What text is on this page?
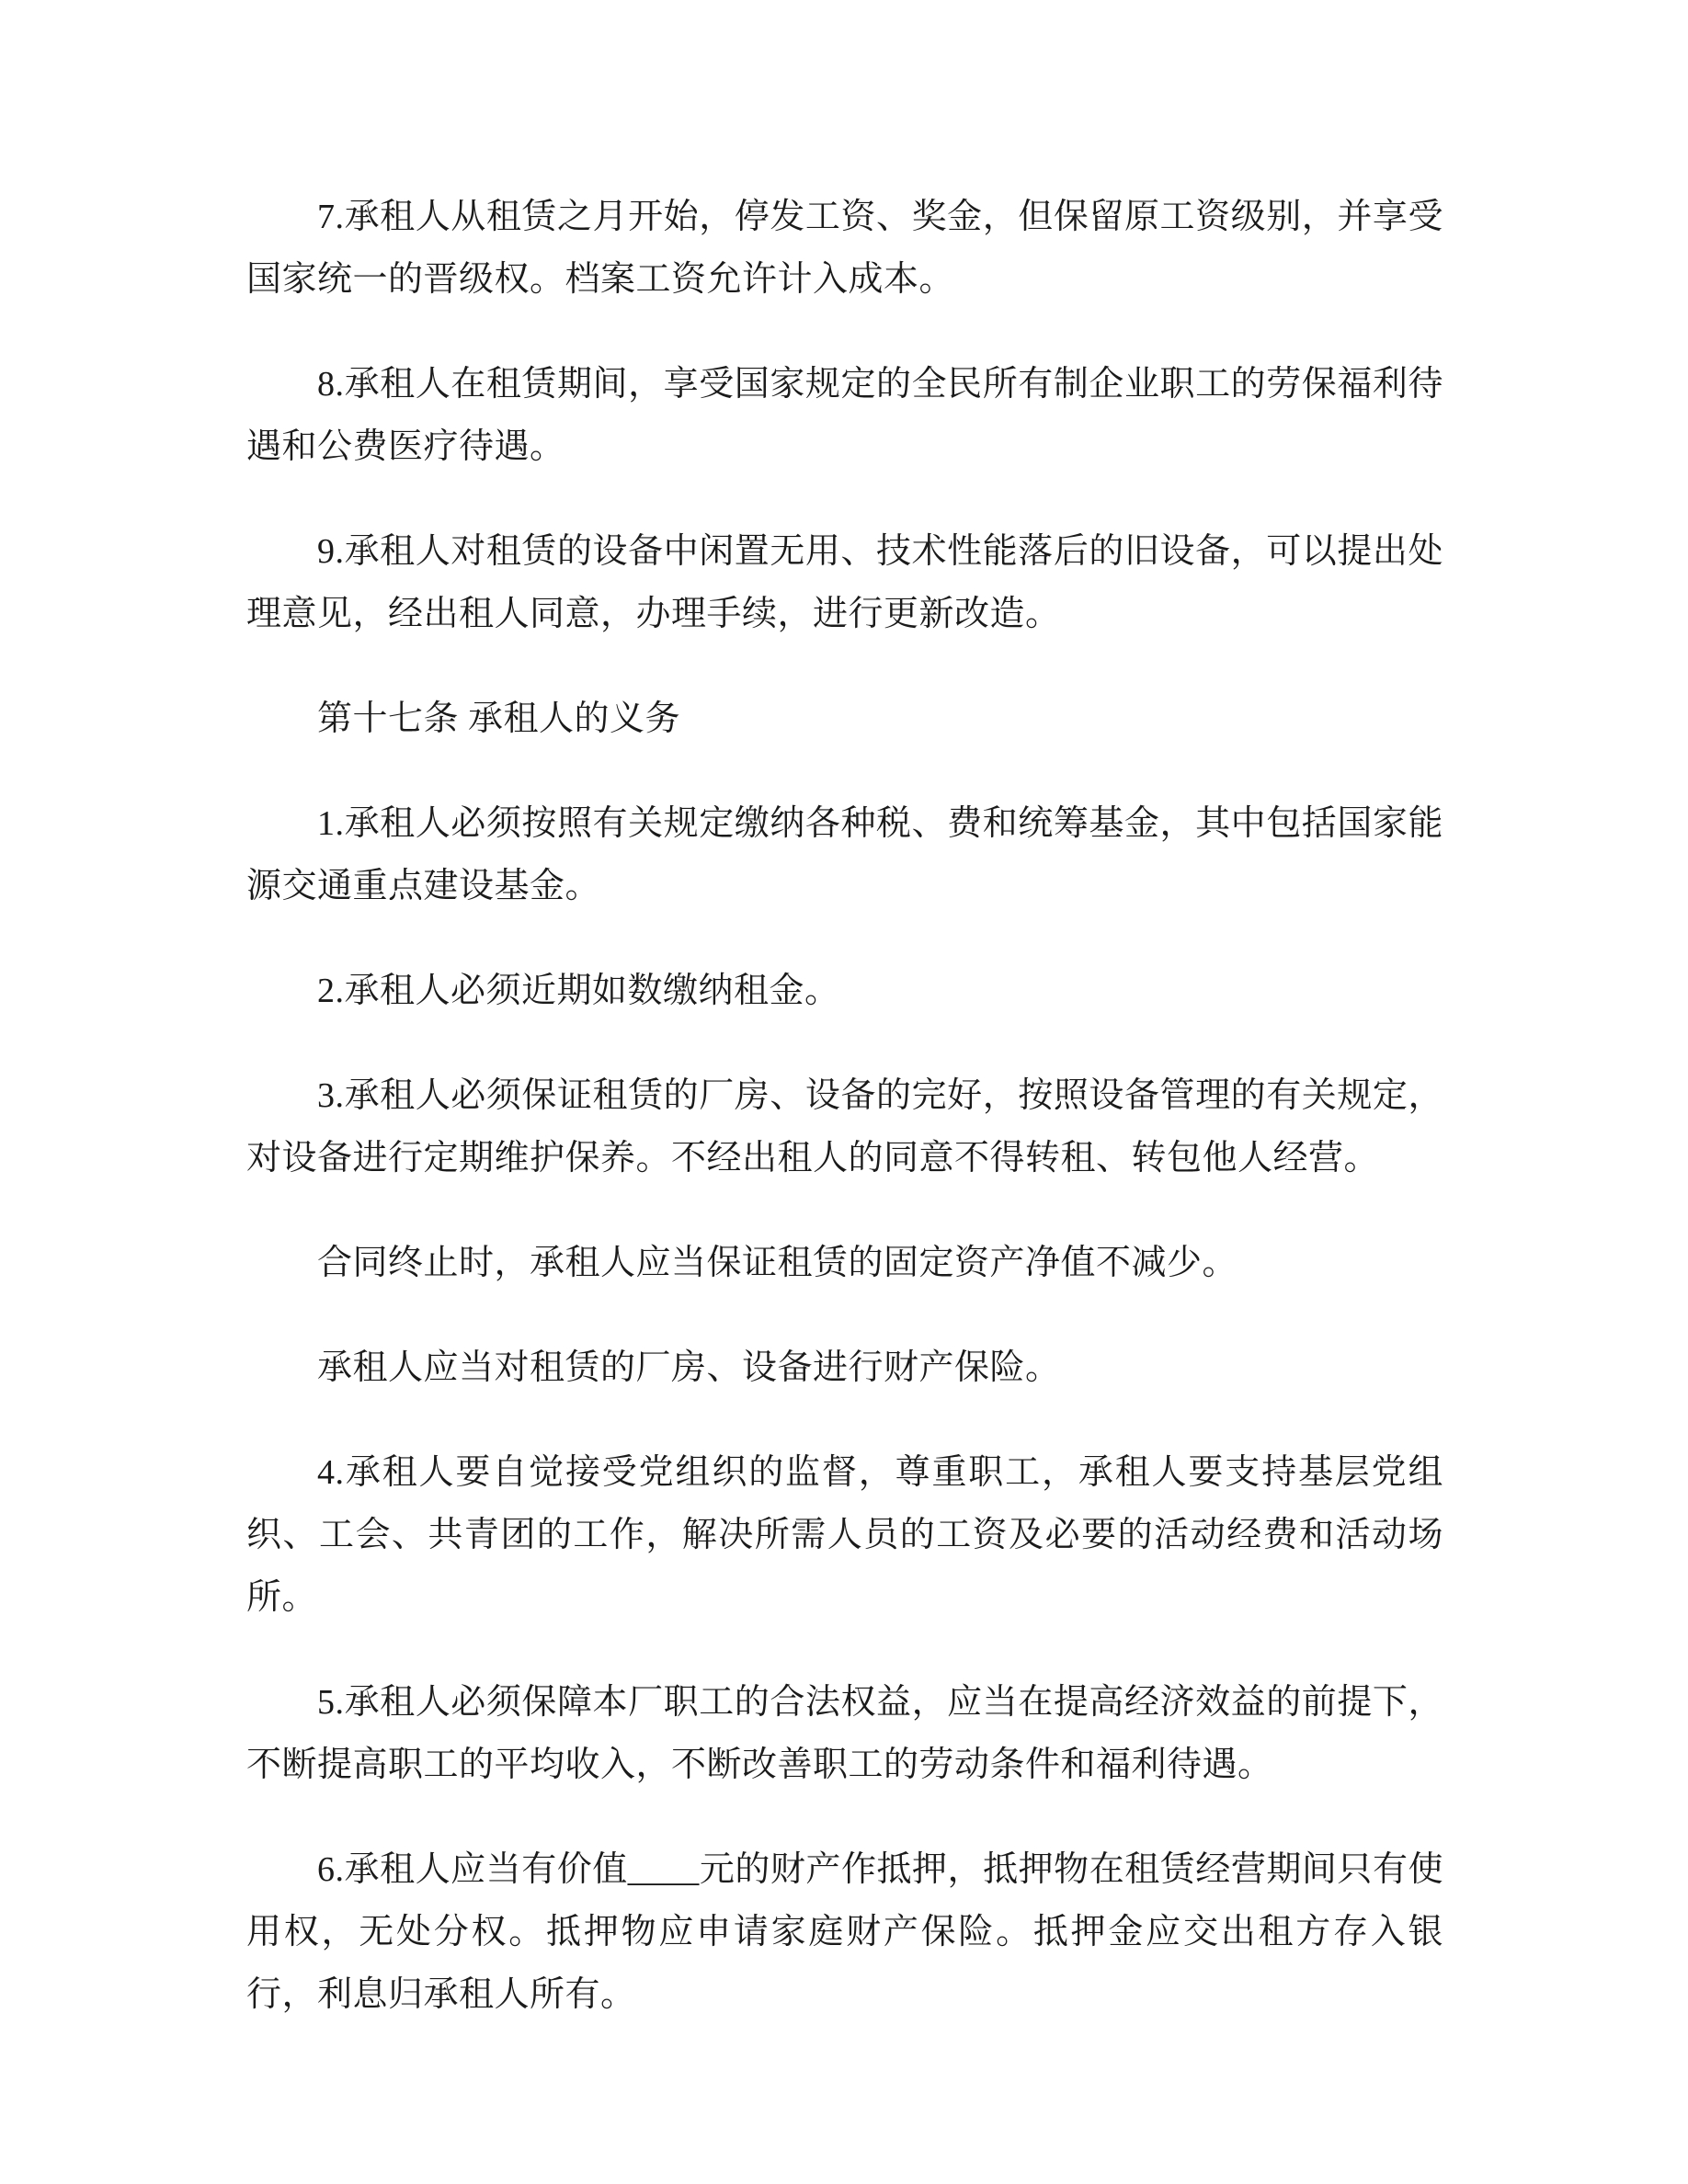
7.承租人从租赁之月开始，停发工资、奖金，但保留原工资级别，并享受国家统一的晋级权。档案工资允许计入成本。

8.承租人在租赁期间，享受国家规定的全民所有制企业职工的劳保福利待遇和公费医疗待遇。

9.承租人对租赁的设备中闲置无用、技术性能落后的旧设备，可以提出处理意见，经出租人同意，办理手续，进行更新改造。

第十七条 承租人的义务

1.承租人必须按照有关规定缴纳各种税、费和统筹基金，其中包括国家能源交通重点建设基金。

2.承租人必须近期如数缴纳租金。

3.承租人必须保证租赁的厂房、设备的完好，按照设备管理的有关规定，对设备进行定期维护保养。不经出租人的同意不得转租、转包他人经营。

合同终止时，承租人应当保证租赁的固定资产净值不减少。

承租人应当对租赁的厂房、设备进行财产保险。

4.承租人要自觉接受党组织的监督，尊重职工，承租人要支持基层党组织、工会、共青团的工作，解决所需人员的工资及必要的活动经费和活动场所。

5.承租人必须保障本厂职工的合法权益，应当在提高经济效益的前提下，不断提高职工的平均收入，不断改善职工的劳动条件和福利待遇。

6.承租人应当有价值____元的财产作抵押，抵押物在租赁经营期间只有使用权，无处分权。抵押物应申请家庭财产保险。抵押金应交出租方存入银行，利息归承租人所有。
